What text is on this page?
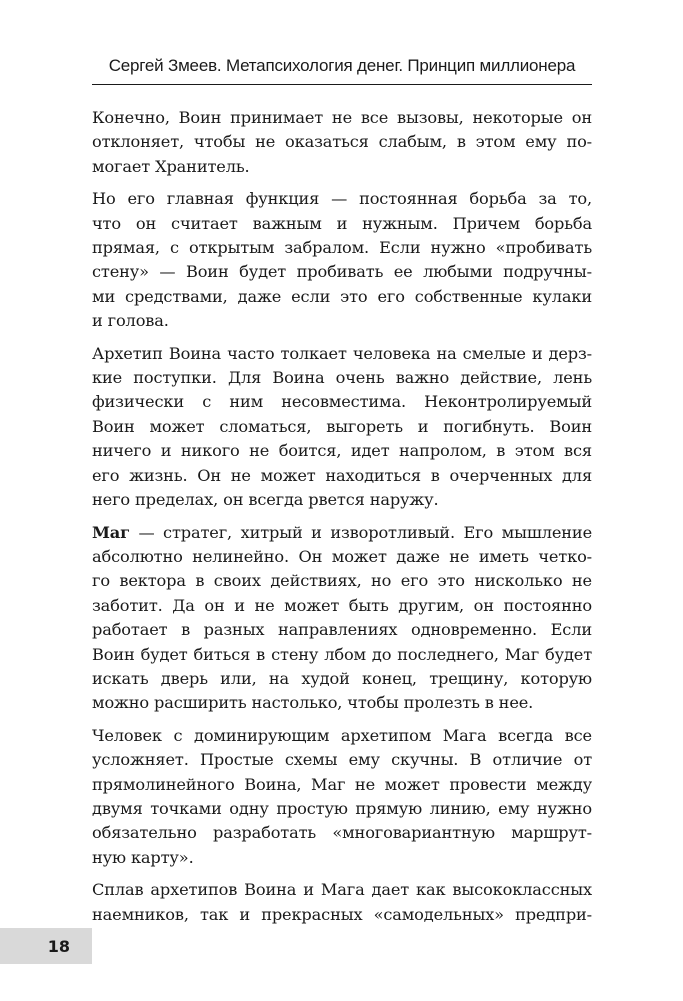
Сергей Змеев. Метапсихология денег. Принцип миллионера

Конечно, Воин принимает не все вызовы, некоторые он
отклоняет, чтобы не оказаться слабым, в этом ему по-
могает Хранитель.

Но его главная функция — постоянная борьба за то,
что он считает важным и нужным. Причем борьба
прямая, с открытым забралом. Если нужно «пробивать
стену» — Воин будет пробивать ее любыми подручны-
ми средствами, даже если это его собственные кулаки
и голова.

Архетип Воина часто толкает человека на смелые и дерз-
кие поступки. Для Воина очень важно действие, лень
физически с ним несовместима. Неконтролируемый
Воин может сломаться, выгореть и погибнуть. Воин
ничего и никого не боится, идет напролом, в этом вся
его жизнь. Он не может находиться в очерченных для
него пределах, он всегда рвется наружу.

Маг — стратег, хитрый и изворотливый. Его мышление
абсолютно нелинейно. Он может даже не иметь четко-
го вектора в своих действиях, но его это нисколько не
заботит. Да он и не может быть другим, он постоянно
работает в разных направлениях одновременно. Если
Воин будет биться в стену лбом до последнего, Маг будет
искать дверь или, на худой конец, трещину, которую
можно расширить настолько, чтобы пролезть в нее.

Человек с доминирующим архетипом Мага всегда все
усложняет. Простые схемы ему скучны. В отличие от
прямолинейного Воина, Маг не может провести между
двумя точками одну простую прямую линию, ему нужно
обязательно разработать «многовариантную маршрут-
ную карту».

Сплав архетипов Воина и Мага дает как высококлассных
наемников, так и прекрасных «самодельных» предпри-

18
